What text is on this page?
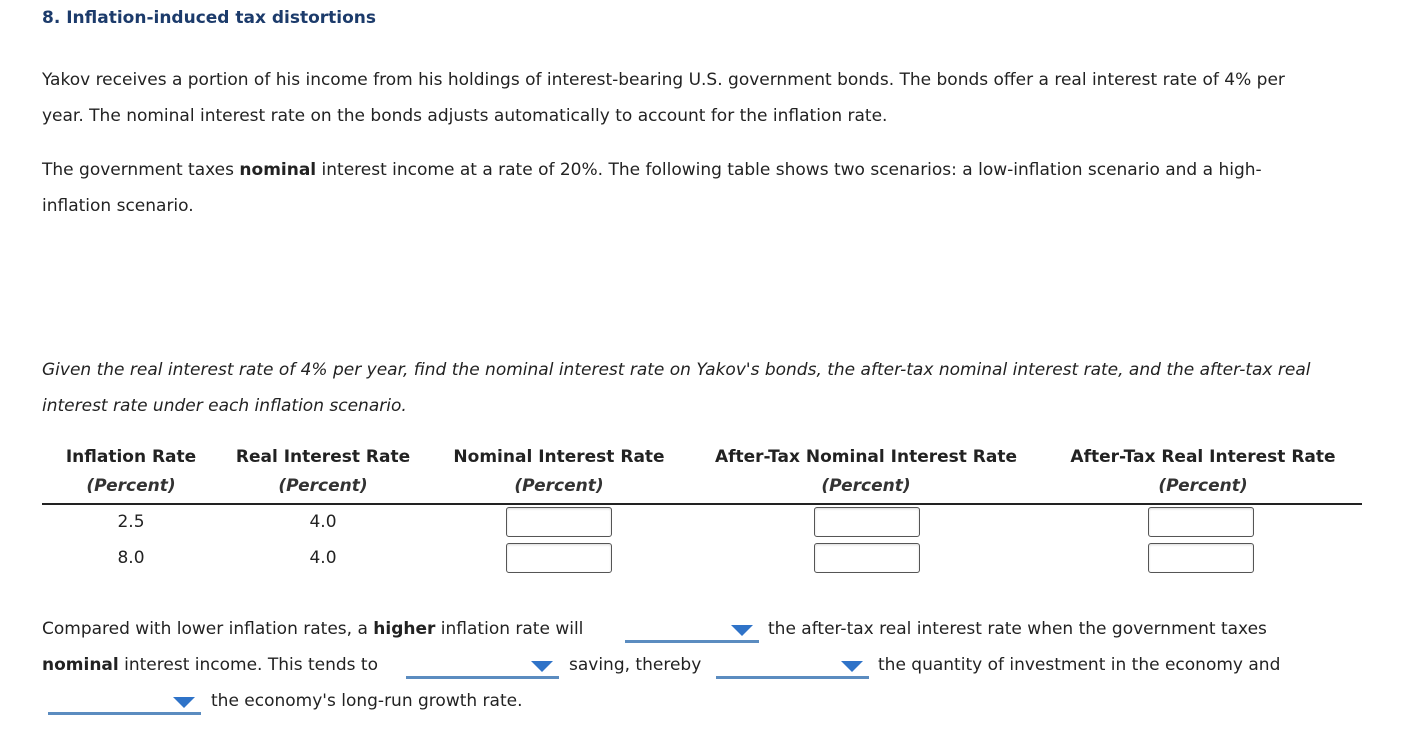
8. Inflation-induced tax distortions
Yakov receives a portion of his income from his holdings of interest-bearing U.S. government bonds. The bonds offer a real interest rate of 4% per
year. The nominal interest rate on the bonds adjusts automatically to account for the inflation rate.
The government taxes nominal interest income at a rate of 20%. The following table shows two scenarios: a low-inflation scenario and a high-
inflation scenario.
Given the real interest rate of 4% per year, find the nominal interest rate on Yakov's bonds, the after-tax nominal interest rate, and the after-tax real
interest rate under each inflation scenario.
Inflation Rate	Real Interest Rate	Nominal Interest Rate	After-Tax Nominal Interest Rate	After-Tax Real Interest Rate
(Percent)	(Percent)	(Percent)	(Percent)	(Percent)
2.5	4.0
8.0	4.0
Compared with lower inflation rates, a higher inflation rate will	the after-tax real interest rate when the government taxes
nominal interest income. This tends to	saving, thereby	the quantity of investment in the economy and
the economy's long-run growth rate.
